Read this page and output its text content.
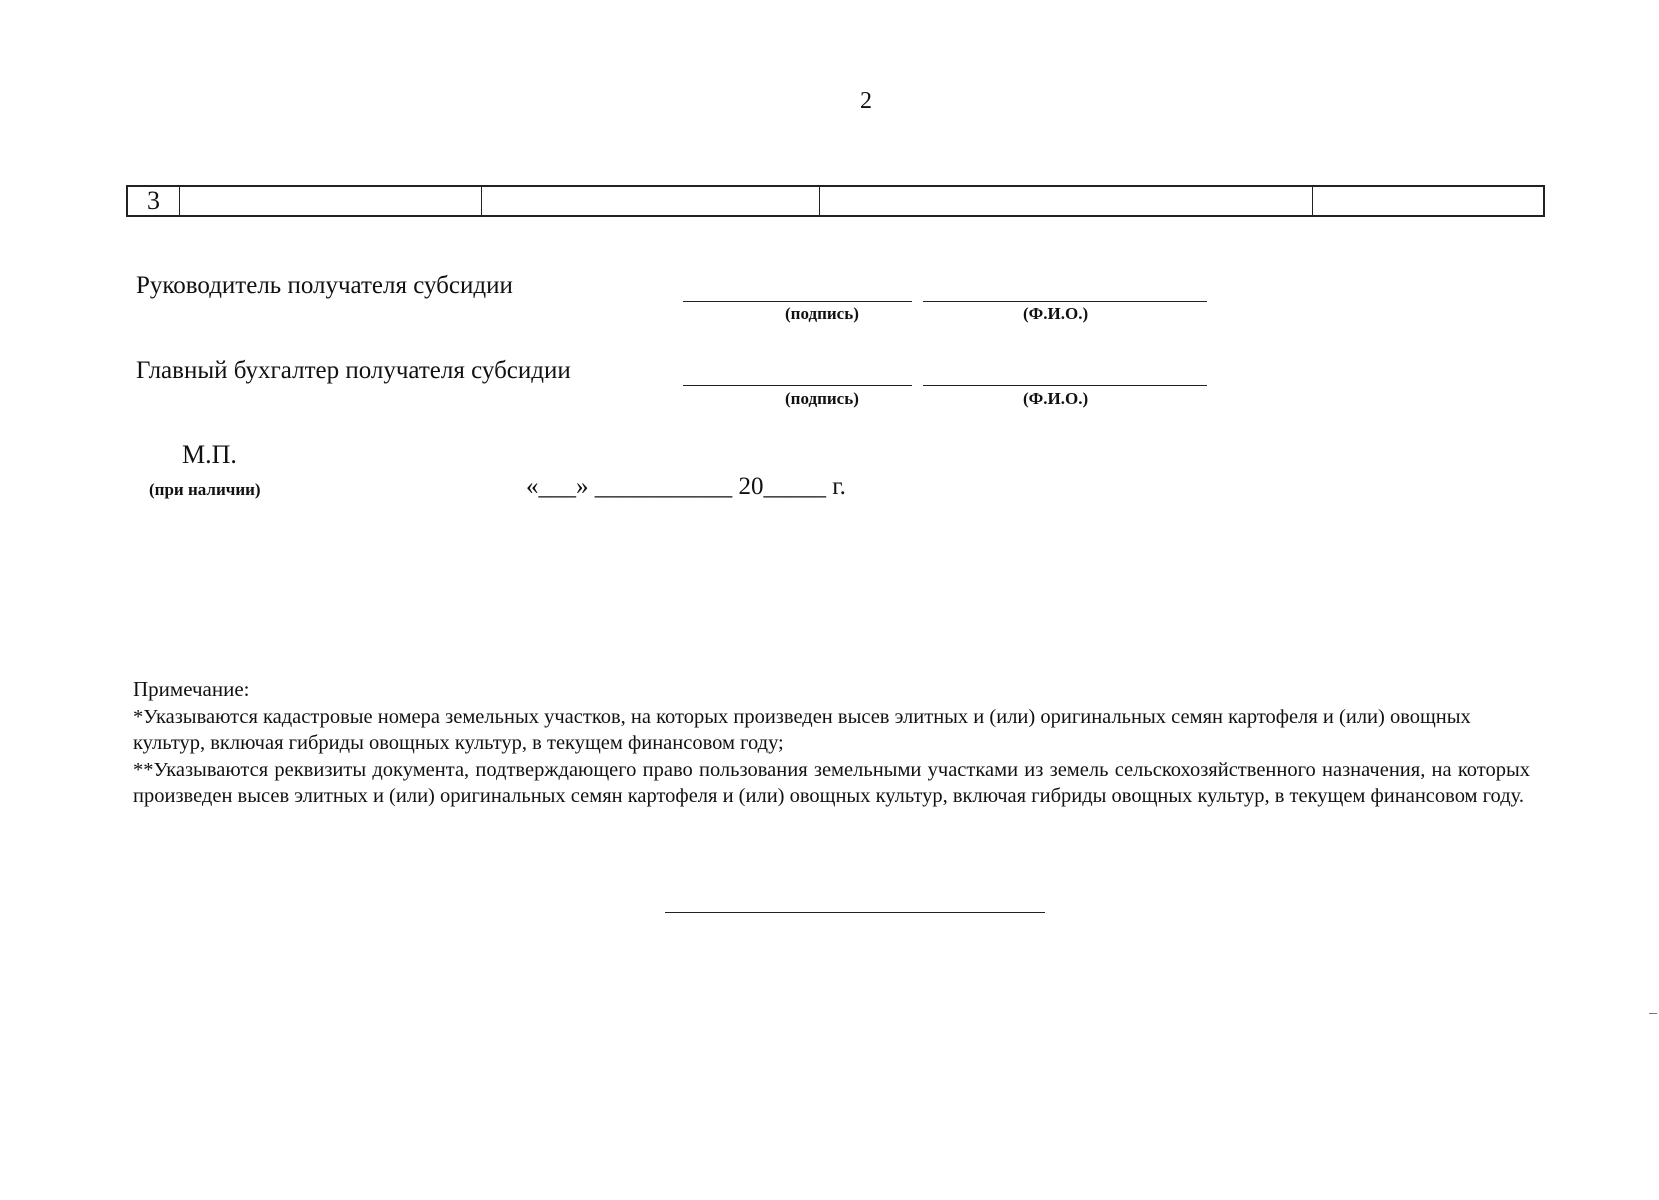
2
3
Руководитель получателя субсидии
(подпись)	(Ф.И.О.)
Главный бухгалтер получателя субсидии
(подпись)	(Ф.И.О.)
М.П.
(при наличии)	«___» ___________ 20_____ г.
Примечание:
*Указываются кадастровые номера земельных участков, на которых произведен высев элитных и (или) оригинальных семян картофеля и (или) овощных культур, включая гибриды овощных культур, в текущем финансовом году;
**Указываются реквизиты документа, подтверждающего право пользования земельными участками из земель сельскохозяйственного назначения, на которых произведен высев элитных и (или) оригинальных семян картофеля и (или) овощных культур, включая гибриды овощных культур, в текущем финансовом году.
